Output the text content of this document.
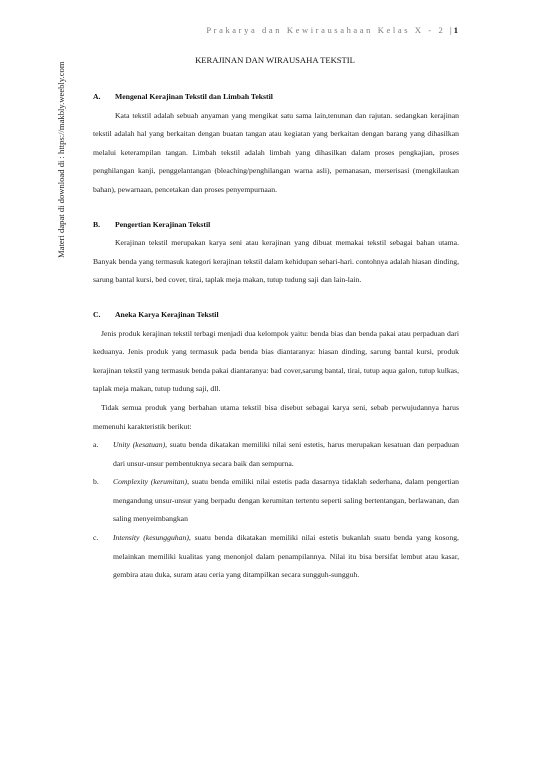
Prakarya dan Kewirausahaan Kelas X - 2 | 1
Materi dapat di download di : https://makbly.weebly.com
KERAJINAN DAN WIRAUSAHA TEKSTIL
A.	Mengenal Kerajinan Tekstil dan Limbah Tekstil

Kata tekstil adalah sebuah anyaman yang mengikat satu sama lain,tenunan dan rajutan. sedangkan kerajinan tekstil adalah hal yang berkaitan dengan buatan tangan atau kegiatan yang berkaitan dengan barang yang dihasilkan melalui keterampilan tangan. Limbah tekstil adalah limbah yang dihasilkan dalam proses pengkajian, proses penghilangan kanji, penggelantangan (bleaching/penghilangan warna asli), pemanasan, merserisasi (mengkilaukan bahan), pewarnaan, pencetakan dan proses penyempurnaan.

B.	Pengertian Kerajinan Tekstil

Kerajinan tekstil merupakan karya seni atau kerajinan yang dibuat memakai tekstil sebagai bahan utama. Banyak benda yang termasuk kategori kerajinan tekstil dalam kehidupan sehari-hari. contohnya adalah hiasan dinding, sarung bantal kursi, bed cover, tirai, taplak meja makan, tutup tudung saji dan lain-lain.

C.	Aneka Karya Kerajinan Tekstil

Jenis produk kerajinan tekstil terbagi menjadi dua kelompok yaitu: benda bias dan benda pakai atau perpaduan dari keduanya. Jenis produk yang termasuk pada benda bias diantaranya: hiasan dinding, sarung bantal kursi, produk kerajinan tekstil yang termasuk benda pakai diantaranya: bad cover,sarung bantal, tirai, tutup aqua galon, tutup kulkas, taplak meja makan, tutup tudung saji, dll.

Tidak semua produk yang berbahan utama tekstil bisa disebut sebagai karya seni, sebab perwujudannya harus memenuhi karakteristik berikut:

a.	Unity (kesatuan), suatu benda dikatakan memiliki nilai seni estetis, harus merupakan kesatuan dan perpaduan dari unsur-unsur pembentuknya secara baik dan sempurna.
b.	Complexity (kerumitan), suatu benda emiliki nilai estetis pada dasarnya tidaklah sederhana, dalam pengertian mengandung unsur-unsur yang berpadu dengan kerumitan tertentu seperti saling bertentangan, berlawanan, dan saling menyeimbangkan
c.	Intensity (kesungguhan), suatu benda dikatakan memiliki nilai estetis bukanlah suatu benda yang kosong, melainkan memiliki kualitas yang menonjol dalam penampilannya. Nilai itu bisa bersifat lembut atau kasar, gembira atau duka, suram atau ceria yang ditampilkan secara sungguh-sungguh.
